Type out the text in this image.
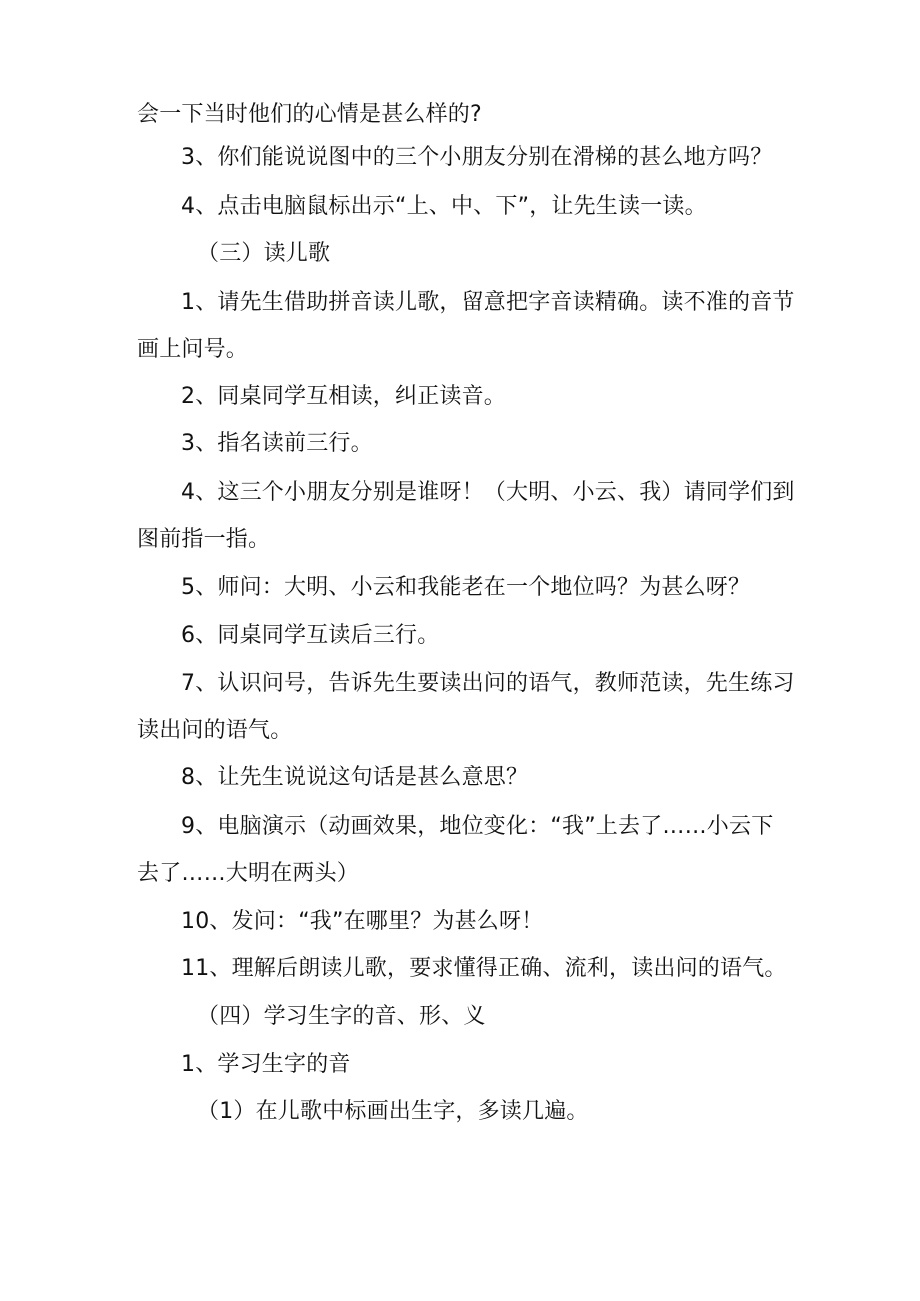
会一下当时他们的心情是甚么样的?

3、你们能说说图中的三个小朋友分别在滑梯的甚么地方吗？

4、点击电脑鼠标出示“上、中、下”，让先生读一读。

（三）读儿歌

1、请先生借助拼音读儿歌，留意把字音读精确。读不准的音节

画上问号。

2、同桌同学互相读，纠正读音。

3、指名读前三行。

4、这三个小朋友分别是谁呀！（大明、小云、我）请同学们到

图前指一指。

5、师问：大明、小云和我能老在一个地位吗？为甚么呀？

6、同桌同学互读后三行。

7、认识问号，告诉先生要读出问的语气，教师范读，先生练习

读出问的语气。

8、让先生说说这句话是甚么意思？

9、电脑演示（动画效果，地位变化：“我”上去了……小云下

去了……大明在两头）

10、发问：“我”在哪里？为甚么呀！

11、理解后朗读儿歌，要求懂得正确、流利，读出问的语气。

（四）学习生字的音、形、义

1、学习生字的音

（1）在儿歌中标画出生字，多读几遍。
